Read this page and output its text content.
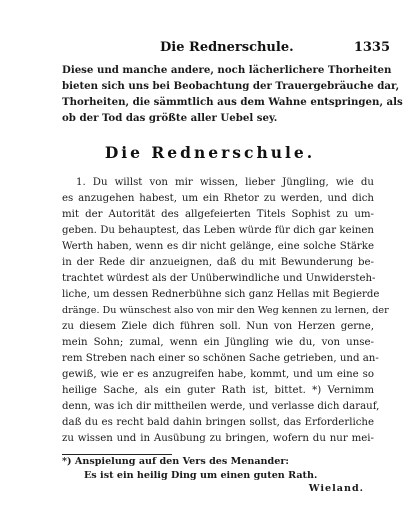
Die Rednerschule.	1335
Diese und manche andere, noch lächerlichere Thorheiten
bieten sich uns bei Beobachtung der Trauergebräuche dar,
Thorheiten, die sämmtlich aus dem Wahne entspringen, als
ob der Tod das größte aller Uebel sey.
Die Rednerschule.
1. Du willst von mir wissen, lieber Jüngling, wie du
es anzugehen habest, um ein Rhetor zu werden, und dich
mit der Autorität des allgefeierten Titels Sophist zu um-
geben. Du behauptest, das Leben würde für dich gar keinen
Werth haben, wenn es dir nicht gelänge, eine solche Stärke
in der Rede dir anzueignen, daß du mit Bewunderung be-
trachtet würdest als der Unüberwindliche und Unwidersteh-
liche, um dessen Rednerbühne sich ganz Hellas mit Begierde
dränge. Du wünschest also von mir den Weg kennen zu lernen, der
zu diesem Ziele dich führen soll. Nun von Herzen gerne,
mein Sohn; zumal, wenn ein Jüngling wie du, von unse-
rem Streben nach einer so schönen Sache getrieben, und an-
gewiß, wie er es anzugreifen habe, kommt, und um eine so
heilige Sache, als ein guter Rath ist, bittet. *) Vernimm
denn, was ich dir mittheilen werde, und verlasse dich darauf,
daß du es recht bald dahin bringen sollst, das Erforderliche
zu wissen und in Ausübung zu bringen, wofern du nur mei-
*) Anspielung auf den Vers des Menander:
Es ist ein heilig Ding um einen guten Rath.
Wieland.
